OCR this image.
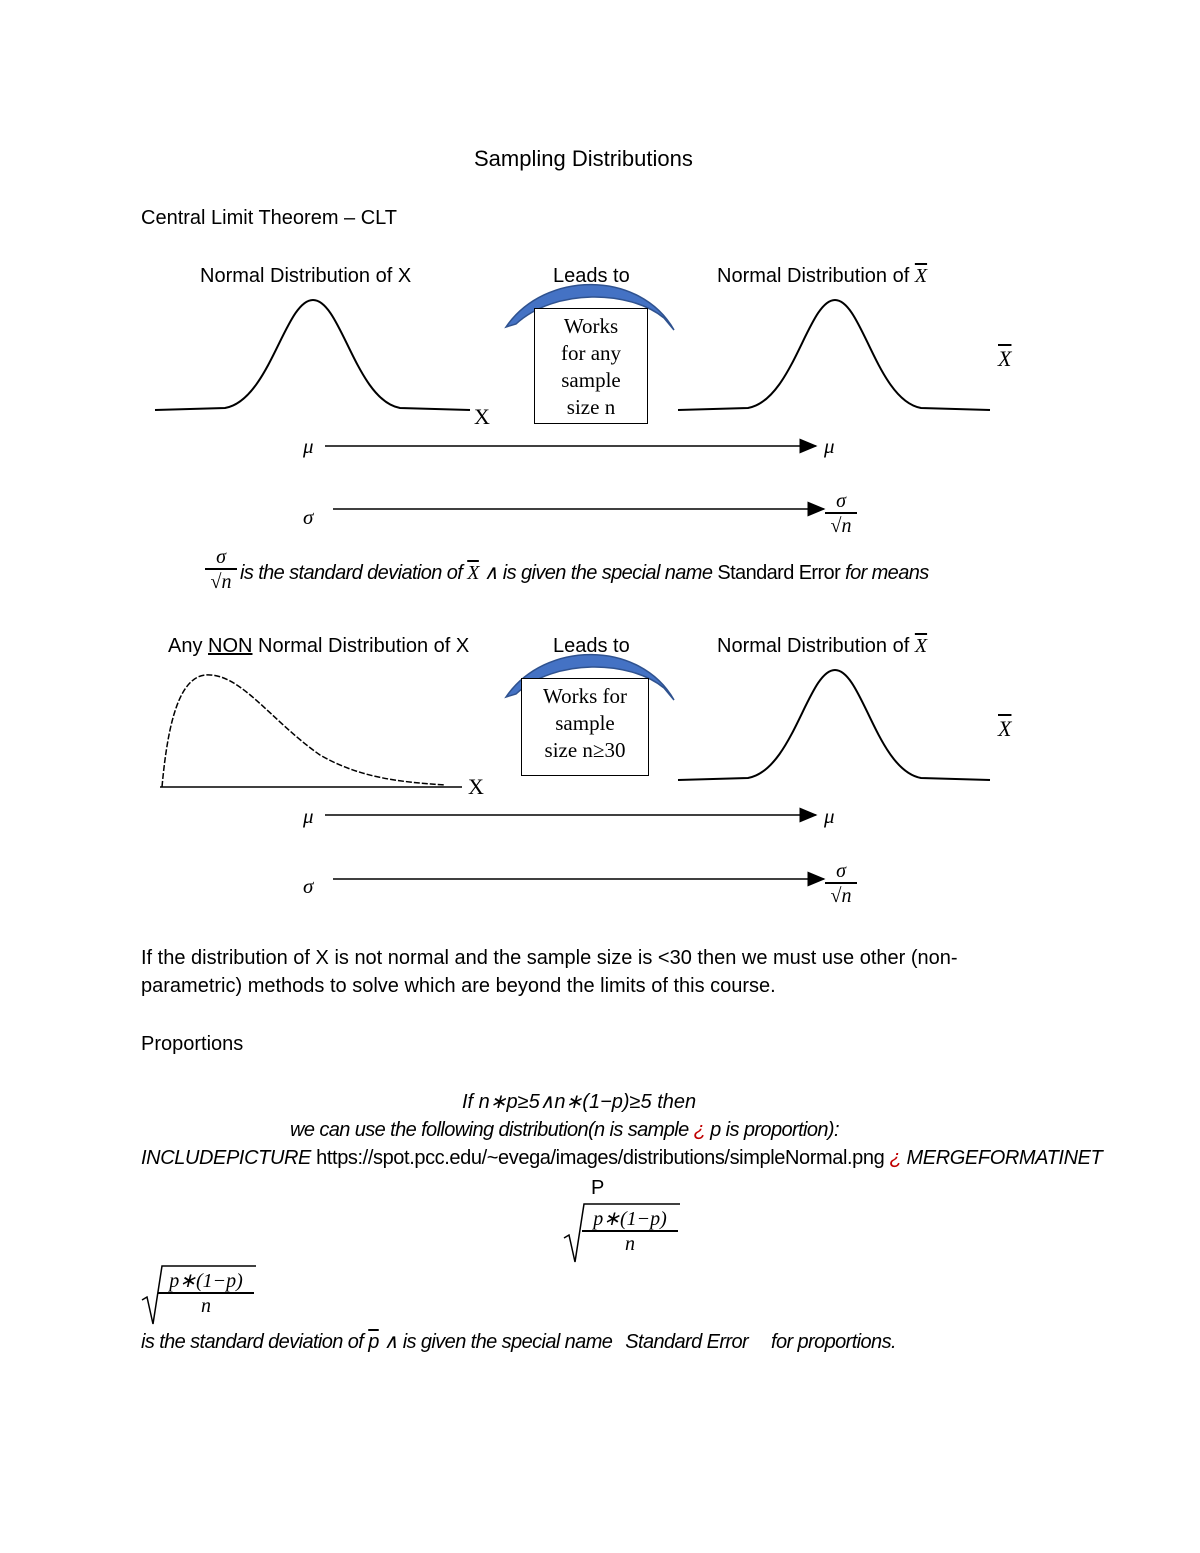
Sampling Distributions
Central Limit Theorem – CLT
Normal Distribution of X	Leads to	Normal Distribution of $\overline{X}$
Works
for any
sample
size n
X
$\overline{X}$
μ	μ
σ
σ
√n
σ
√n is the standard deviation of $\overline{X}$ ∧ is given the special name Standard Error for means
Any NON Normal Distribution of X	Leads to	Normal Distribution of $\overline{X}$
Works for
sample
size n≥30
X
$\overline{X}$
μ	μ
σ
σ
√n
If the distribution of X is not normal and the sample size is <30 then we must use other (non-
parametric) methods to solve which are beyond the limits of this course.
Proportions
If n∗p≥5∧n∗(1−p)≥5 then
we can use the following distribution(n is sample ¿ p is proportion):
INCLUDEPICTURE https://spot.pcc.edu/~evega/images/distributions/simpleNormal.png ¿ MERGEFORMATINET
P
p∗(1−p)
n
p∗(1−p)
n
is the standard deviation of $\overline{p}$ ∧ is given the special name Standard Error for proportions.
